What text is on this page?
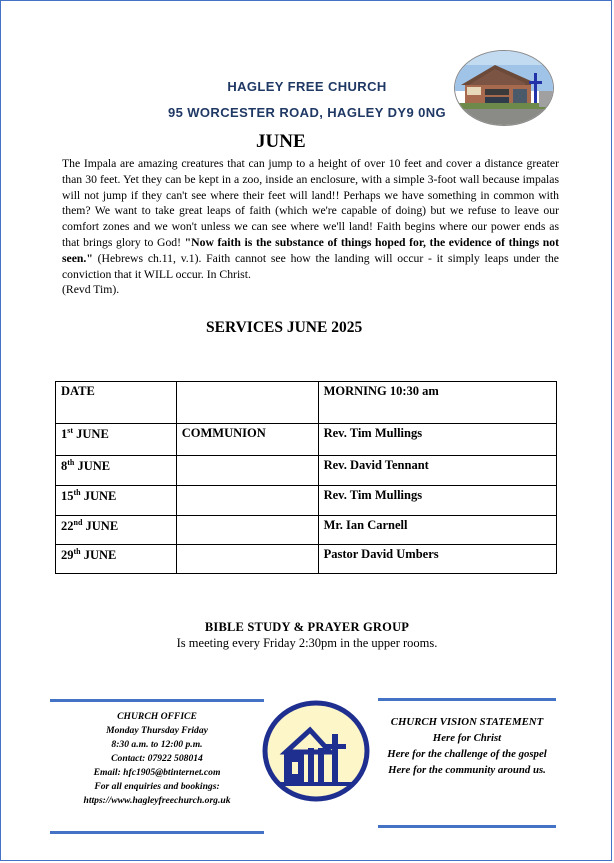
HAGLEY FREE CHURCH
95 WORCESTER ROAD, HAGLEY DY9 0NG
JUNE

The Impala are amazing creatures that can jump to a height of over 10 feet and cover a distance greater than 30 feet. Yet they can be kept in a zoo, inside an enclosure, with a simple 3-foot wall because impalas will not jump if they can't see where their feet will land!! Perhaps we have something in common with them? We want to take great leaps of faith (which we're capable of doing) but we refuse to leave our comfort zones and we won't unless we can see where we'll land! Faith begins where our power ends as that brings glory to God! "Now faith is the substance of things hoped for, the evidence of things not seen." (Hebrews ch.11, v.1). Faith cannot see how the landing will occur - it simply leaps under the conviction that it WILL occur. In Christ.
(Revd Tim).

SERVICES JUNE 2025
DATE		MORNING 10:30 am
1st JUNE	COMMUNION	Rev. Tim Mullings
8th JUNE		Rev. David Tennant
15th JUNE		Rev. Tim Mullings
22nd JUNE		Mr. Ian Carnell
29th JUNE		Pastor David Umbers
BIBLE STUDY & PRAYER GROUP
Is meeting every Friday 2:30pm in the upper rooms.
CHURCH OFFICE
Monday Thursday Friday
8:30 a.m. to 12:00 p.m.
Contact: 07922 508014
Email: hfc1905@btinternet.com
For all enquiries and bookings:
https://www.hagleyfreechurch.org.uk
CHURCH VISION STATEMENT
Here for Christ
Here for the challenge of the gospel
Here for the community around us.
